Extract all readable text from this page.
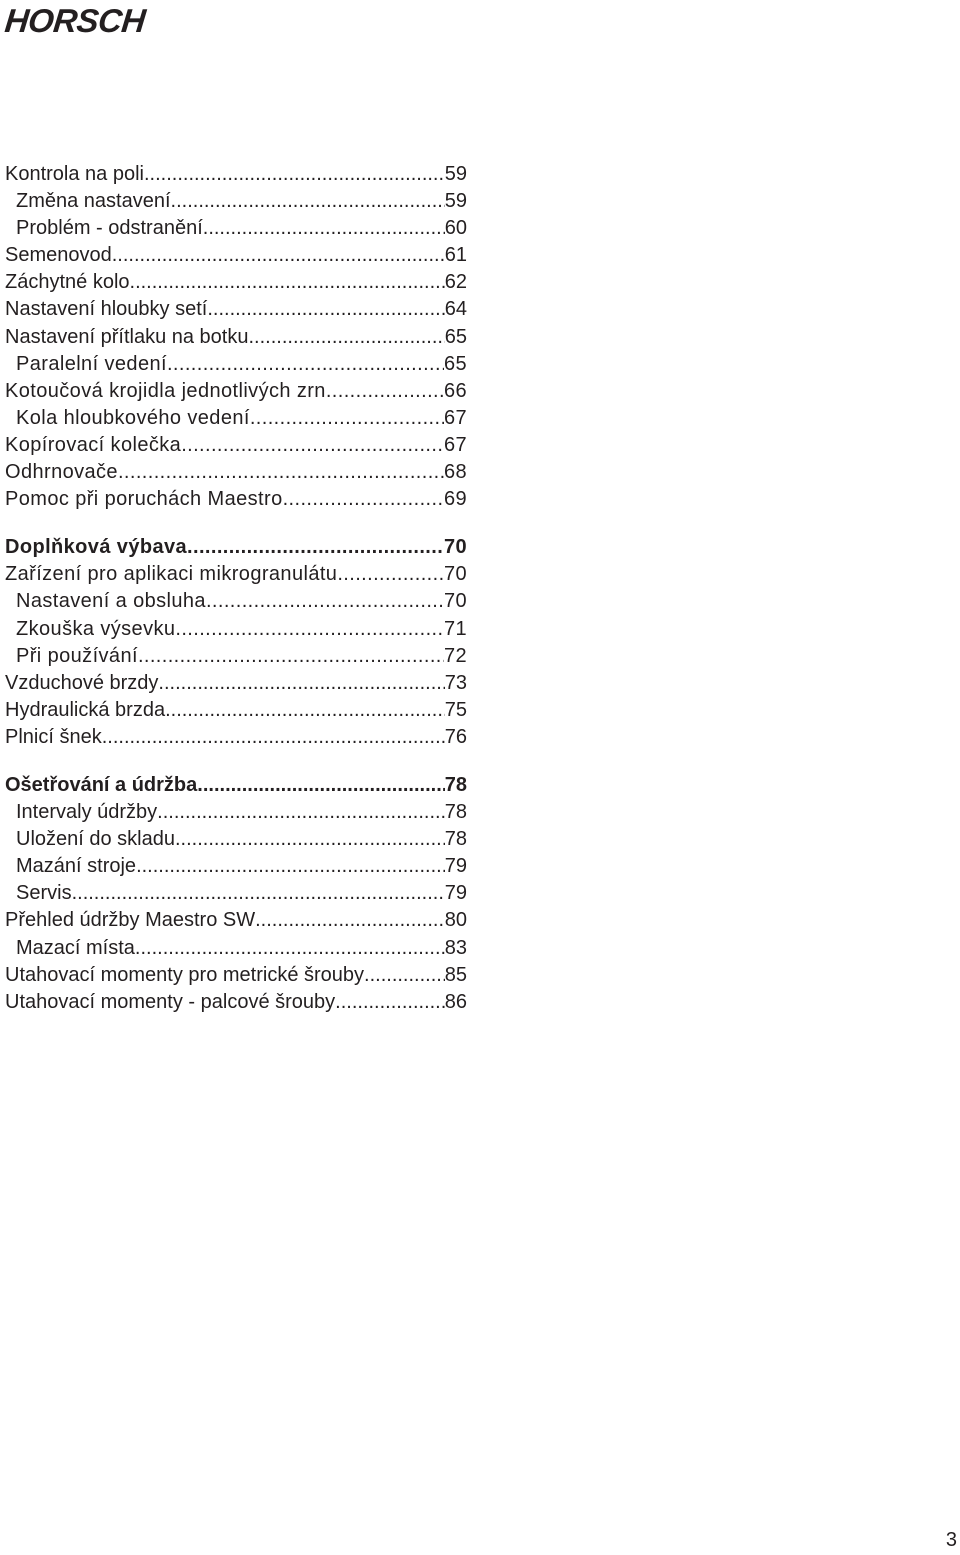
HORSCH
Kontrola na poli .....	59
Změna nastavení .....	59
Problém - odstranění .....	60
Semenovod .....	61
Záchytné kolo .....	62
Nastavení hloubky setí .....	64
Nastavení přítlaku na botku .....	65
Paralelní vedení .....	65
Kotoučová krojidla jednotlivých zrn .....	66
Kola hloubkového vedení .....	67
Kopírovací kolečka .....	67
Odhrnovače .....	68
Pomoc při poruchách Maestro .....	69
Doplňková výbava .....	70
Zařízení pro aplikaci mikrogranulátu .....	70
Nastavení a obsluha .....	70
Zkouška výsevku .....	71
Při používání .....	72
Vzduchové brzdy .....	73
Hydraulická brzda .....	75
Plnicí šnek .....	76
Ošetřování a údržba .....	78
Intervaly údržby .....	78
Uložení do skladu .....	78
Mazání stroje .....	79
Servis .....	79
Přehled údržby Maestro SW .....	80
Mazací místa .....	83
Utahovací momenty pro metrické šrouby .....	85
Utahovací momenty - palcové šrouby .....	86
3
